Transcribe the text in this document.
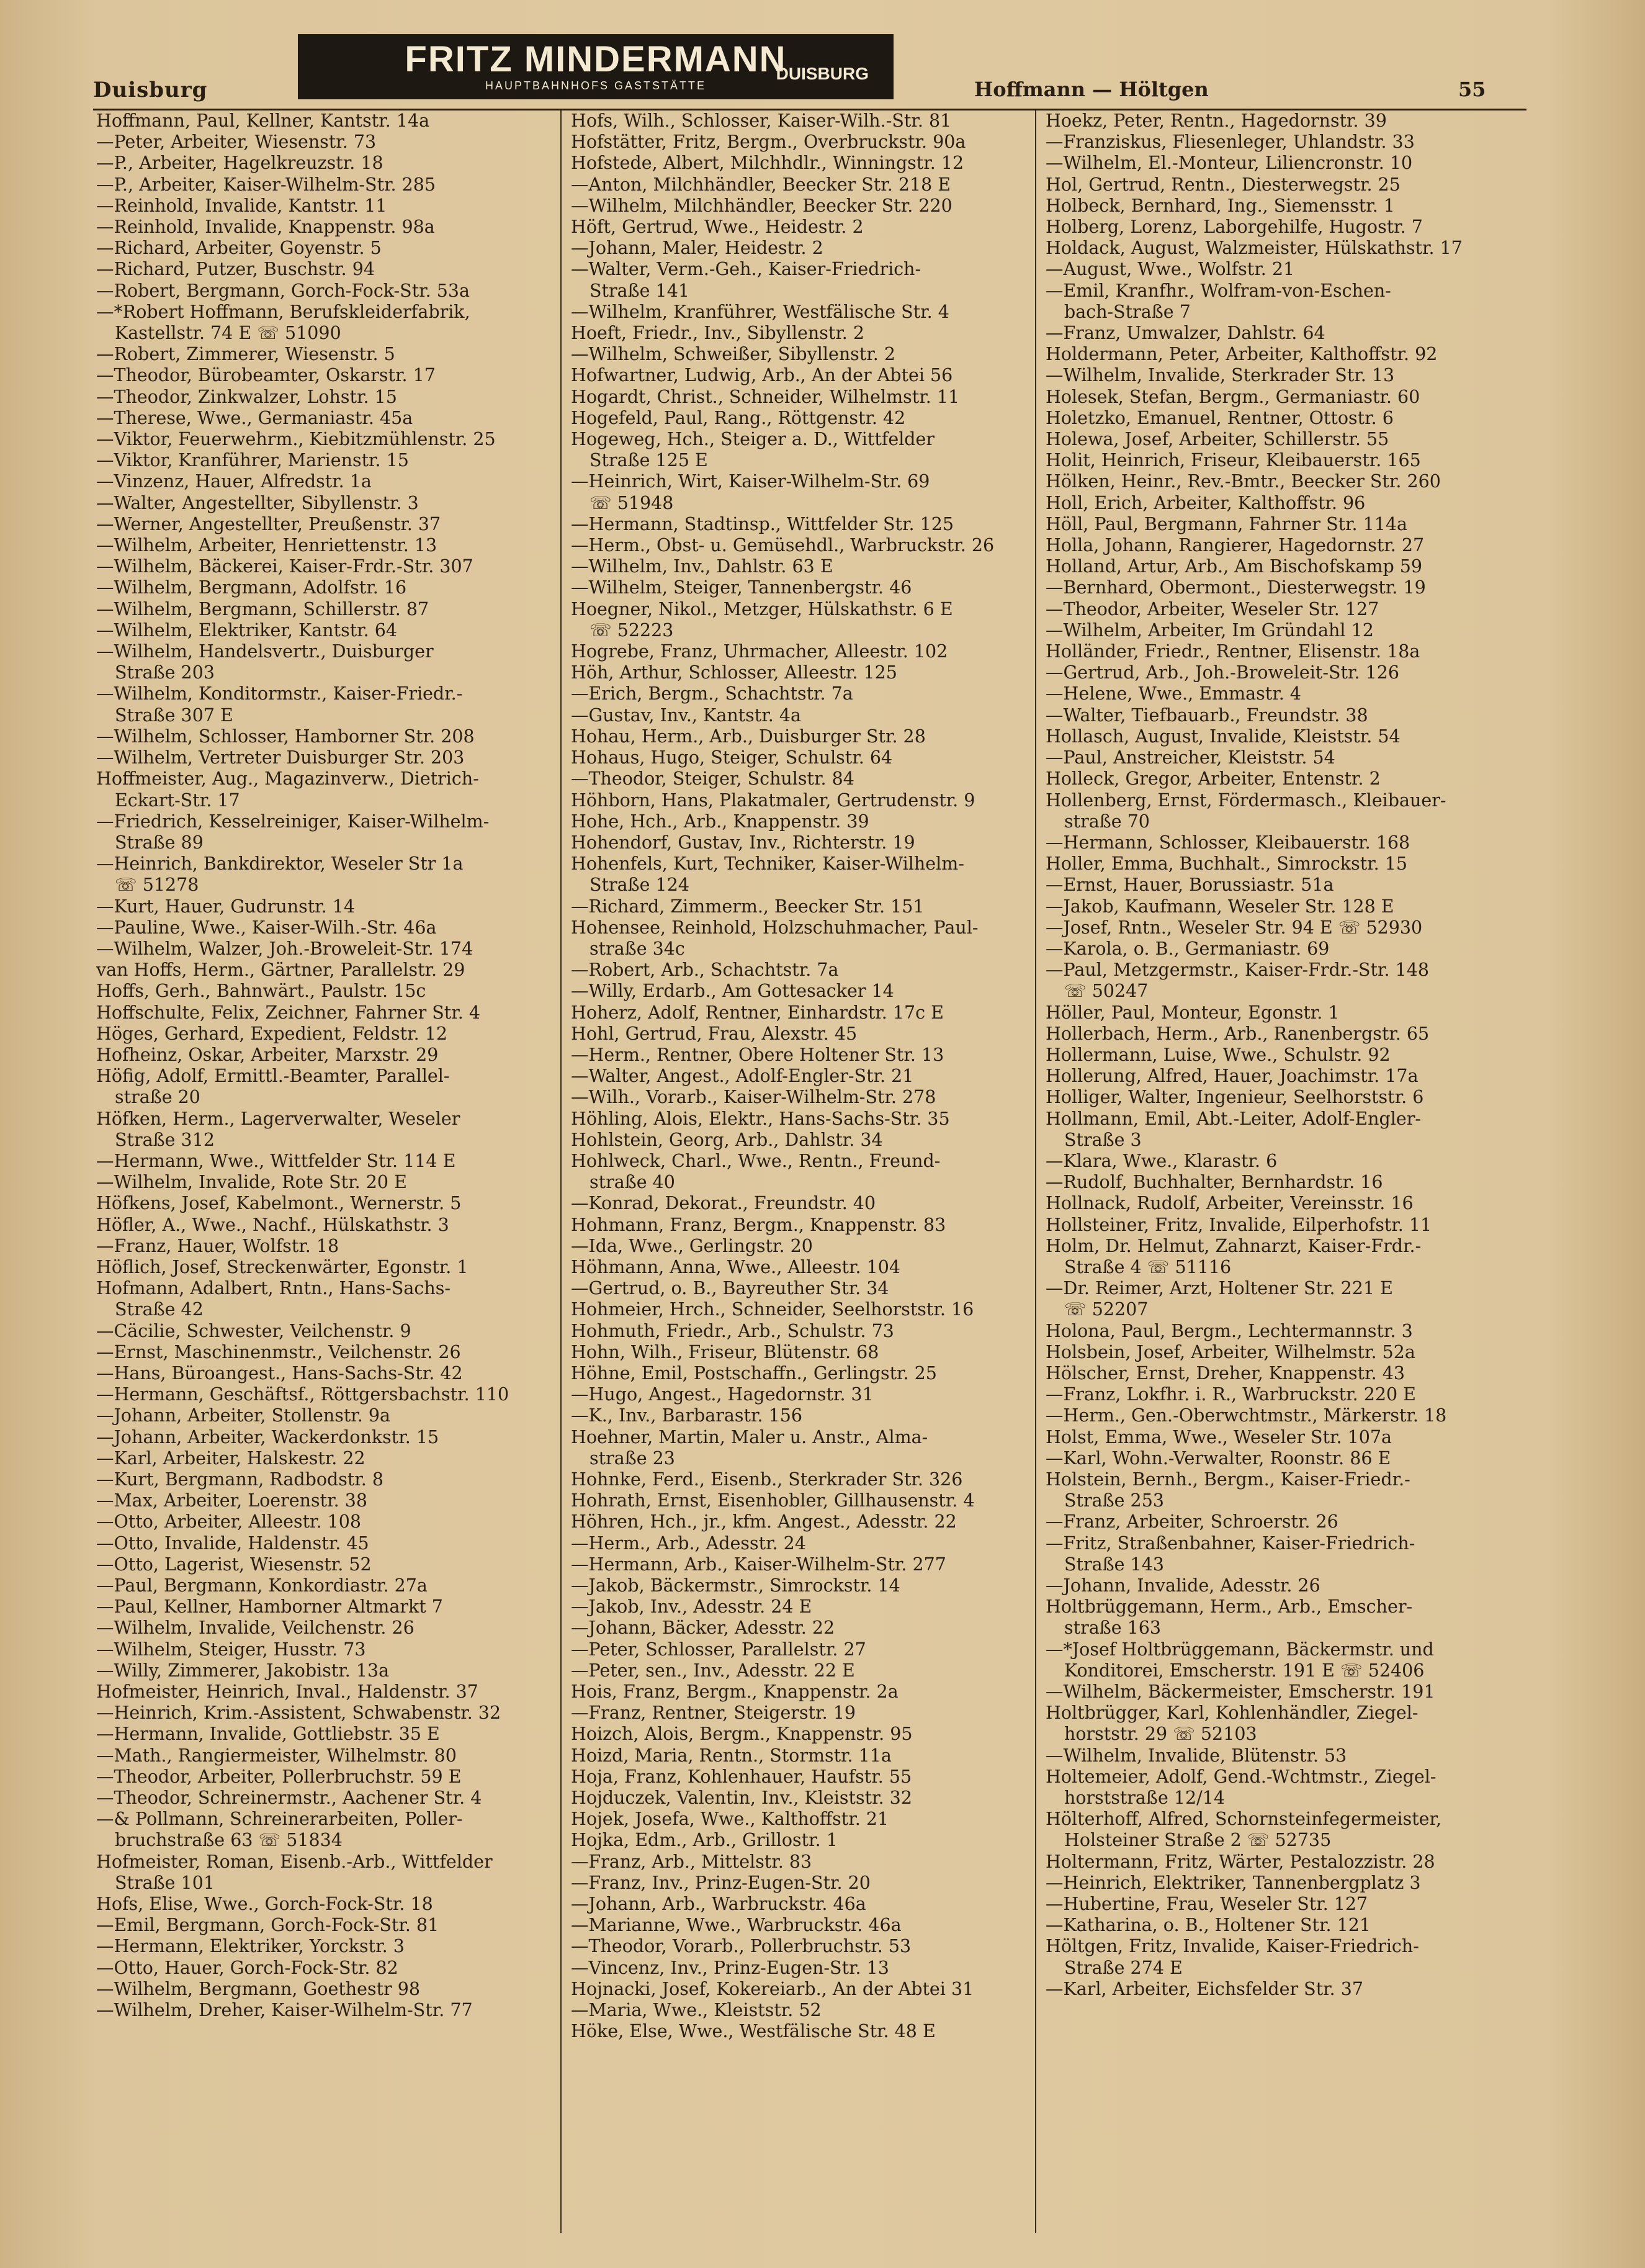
Duisburg
FRITZ MINDERMANN
HAUPTBAHNHOFS GASTSTÄTTE
DUISBURG
Hoffmann — Höltgen	55
Hoffmann, Paul, Kellner, Kantstr. 14a
—Peter, Arbeiter, Wiesenstr. 73
—P., Arbeiter, Hagelkreuzstr. 18
—P., Arbeiter, Kaiser-Wilhelm-Str. 285
—Reinhold, Invalide, Kantstr. 11
—Reinhold, Invalide, Knappenstr. 98a
—Richard, Arbeiter, Goyenstr. 5
—Richard, Putzer, Buschstr. 94
—Robert, Bergmann, Gorch-Fock-Str. 53a
—*Robert Hoffmann, Berufskleiderfabrik,
Kastellstr. 74 E ☏ 51090
—Robert, Zimmerer, Wiesenstr. 5
—Theodor, Bürobeamter, Oskarstr. 17
—Theodor, Zinkwalzer, Lohstr. 15
—Therese, Wwe., Germaniastr. 45a
—Viktor, Feuerwehrm., Kiebitzmühlenstr. 25
—Viktor, Kranführer, Marienstr. 15
—Vinzenz, Hauer, Alfredstr. 1a
—Walter, Angestellter, Sibyllenstr. 3
—Werner, Angestellter, Preußenstr. 37
—Wilhelm, Arbeiter, Henriettenstr. 13
—Wilhelm, Bäckerei, Kaiser-Frdr.-Str. 307
—Wilhelm, Bergmann, Adolfstr. 16
—Wilhelm, Bergmann, Schillerstr. 87
—Wilhelm, Elektriker, Kantstr. 64
—Wilhelm, Handelsvertr., Duisburger
Straße 203
—Wilhelm, Konditormstr., Kaiser-Friedr.-
Straße 307 E
—Wilhelm, Schlosser, Hamborner Str. 208
—Wilhelm, Vertreter Duisburger Str. 203
Hoffmeister, Aug., Magazinverw., Dietrich-
Eckart-Str. 17
—Friedrich, Kesselreiniger, Kaiser-Wilhelm-
Straße 89
—Heinrich, Bankdirektor, Weseler Str 1a
☏ 51278
—Kurt, Hauer, Gudrunstr. 14
—Pauline, Wwe., Kaiser-Wilh.-Str. 46a
—Wilhelm, Walzer, Joh.-Broweleit-Str. 174
van Hoffs, Herm., Gärtner, Parallelstr. 29
Hoffs, Gerh., Bahnwärt., Paulstr. 15c
Hoffschulte, Felix, Zeichner, Fahrner Str. 4
Höges, Gerhard, Expedient, Feldstr. 12
Hofheinz, Oskar, Arbeiter, Marxstr. 29
Höfig, Adolf, Ermittl.-Beamter, Parallel-
straße 20
Höfken, Herm., Lagerverwalter, Weseler
Straße 312
—Hermann, Wwe., Wittfelder Str. 114 E
—Wilhelm, Invalide, Rote Str. 20 E
Höfkens, Josef, Kabelmont., Wernerstr. 5
Höfler, A., Wwe., Nachf., Hülskathstr. 3
—Franz, Hauer, Wolfstr. 18
Höflich, Josef, Streckenwärter, Egonstr. 1
Hofmann, Adalbert, Rntn., Hans-Sachs-
Straße 42
—Cäcilie, Schwester, Veilchenstr. 9
—Ernst, Maschinenmstr., Veilchenstr. 26
—Hans, Büroangest., Hans-Sachs-Str. 42
—Hermann, Geschäftsf., Röttgersbachstr. 110
—Johann, Arbeiter, Stollenstr. 9a
—Johann, Arbeiter, Wackerdonkstr. 15
—Karl, Arbeiter, Halskestr. 22
—Kurt, Bergmann, Radbodstr. 8
—Max, Arbeiter, Loerenstr. 38
—Otto, Arbeiter, Alleestr. 108
—Otto, Invalide, Haldenstr. 45
—Otto, Lagerist, Wiesenstr. 52
—Paul, Bergmann, Konkordiastr. 27a
—Paul, Kellner, Hamborner Altmarkt 7
—Wilhelm, Invalide, Veilchenstr. 26
—Wilhelm, Steiger, Husstr. 73
—Willy, Zimmerer, Jakobistr. 13a
Hofmeister, Heinrich, Inval., Haldenstr. 37
—Heinrich, Krim.-Assistent, Schwabenstr. 32
—Hermann, Invalide, Gottliebstr. 35 E
—Math., Rangiermeister, Wilhelmstr. 80
—Theodor, Arbeiter, Pollerbruchstr. 59 E
—Theodor, Schreinermstr., Aachener Str. 4
—& Pollmann, Schreinerarbeiten, Poller-
bruchstraße 63 ☏ 51834
Hofmeister, Roman, Eisenb.-Arb., Wittfelder
Straße 101
Hofs, Elise, Wwe., Gorch-Fock-Str. 18
—Emil, Bergmann, Gorch-Fock-Str. 81
—Hermann, Elektriker, Yorckstr. 3
—Otto, Hauer, Gorch-Fock-Str. 82
—Wilhelm, Bergmann, Goethestr 98
—Wilhelm, Dreher, Kaiser-Wilhelm-Str. 77
Hofs, Wilh., Schlosser, Kaiser-Wilh.-Str. 81
Hofstätter, Fritz, Bergm., Overbruckstr. 90a
Hofstede, Albert, Milchhdlr., Winningstr. 12
—Anton, Milchhändler, Beecker Str. 218 E
—Wilhelm, Milchhändler, Beecker Str. 220
Höft, Gertrud, Wwe., Heidestr. 2
—Johann, Maler, Heidestr. 2
—Walter, Verm.-Geh., Kaiser-Friedrich-
Straße 141
—Wilhelm, Kranführer, Westfälische Str. 4
Hoeft, Friedr., Inv., Sibyllenstr. 2
—Wilhelm, Schweißer, Sibyllenstr. 2
Hofwartner, Ludwig, Arb., An der Abtei 56
Hogardt, Christ., Schneider, Wilhelmstr. 11
Hogefeld, Paul, Rang., Röttgenstr. 42
Hogeweg, Hch., Steiger a. D., Wittfelder
Straße 125 E
—Heinrich, Wirt, Kaiser-Wilhelm-Str. 69
☏ 51948
—Hermann, Stadtinsp., Wittfelder Str. 125
—Herm., Obst- u. Gemüsehdl., Warbruckstr. 26
—Wilhelm, Inv., Dahlstr. 63 E
—Wilhelm, Steiger, Tannenbergstr. 46
Hoegner, Nikol., Metzger, Hülskathstr. 6 E
☏ 52223
Hogrebe, Franz, Uhrmacher, Alleestr. 102
Höh, Arthur, Schlosser, Alleestr. 125
—Erich, Bergm., Schachtstr. 7a
—Gustav, Inv., Kantstr. 4a
Hohau, Herm., Arb., Duisburger Str. 28
Hohaus, Hugo, Steiger, Schulstr. 64
—Theodor, Steiger, Schulstr. 84
Höhborn, Hans, Plakatmaler, Gertrudenstr. 9
Hohe, Hch., Arb., Knappenstr. 39
Hohendorf, Gustav, Inv., Richterstr. 19
Hohenfels, Kurt, Techniker, Kaiser-Wilhelm-
Straße 124
—Richard, Zimmerm., Beecker Str. 151
Hohensee, Reinhold, Holzschuhmacher, Paul-
straße 34c
—Robert, Arb., Schachtstr. 7a
—Willy, Erdarb., Am Gottesacker 14
Hoherz, Adolf, Rentner, Einhardstr. 17c E
Hohl, Gertrud, Frau, Alexstr. 45
—Herm., Rentner, Obere Holtener Str. 13
—Walter, Angest., Adolf-Engler-Str. 21
—Wilh., Vorarb., Kaiser-Wilhelm-Str. 278
Höhling, Alois, Elektr., Hans-Sachs-Str. 35
Hohlstein, Georg, Arb., Dahlstr. 34
Hohlweck, Charl., Wwe., Rentn., Freund-
straße 40
—Konrad, Dekorat., Freundstr. 40
Hohmann, Franz, Bergm., Knappenstr. 83
—Ida, Wwe., Gerlingstr. 20
Höhmann, Anna, Wwe., Alleestr. 104
—Gertrud, o. B., Bayreuther Str. 34
Hohmeier, Hrch., Schneider, Seelhorststr. 16
Hohmuth, Friedr., Arb., Schulstr. 73
Hohn, Wilh., Friseur, Blütenstr. 68
Höhne, Emil, Postschaffn., Gerlingstr. 25
—Hugo, Angest., Hagedornstr. 31
—K., Inv., Barbarastr. 156
Hoehner, Martin, Maler u. Anstr., Alma-
straße 23
Hohnke, Ferd., Eisenb., Sterkrader Str. 326
Hohrath, Ernst, Eisenhobler, Gillhausenstr. 4
Höhren, Hch., jr., kfm. Angest., Adesstr. 22
—Herm., Arb., Adesstr. 24
—Hermann, Arb., Kaiser-Wilhelm-Str. 277
—Jakob, Bäckermstr., Simrockstr. 14
—Jakob, Inv., Adesstr. 24 E
—Johann, Bäcker, Adesstr. 22
—Peter, Schlosser, Parallelstr. 27
—Peter, sen., Inv., Adesstr. 22 E
Hois, Franz, Bergm., Knappenstr. 2a
—Franz, Rentner, Steigerstr. 19
Hoizch, Alois, Bergm., Knappenstr. 95
Hoizd, Maria, Rentn., Stormstr. 11a
Hoja, Franz, Kohlenhauer, Haufstr. 55
Hojduczek, Valentin, Inv., Kleiststr. 32
Hojek, Josefa, Wwe., Kalthoffstr. 21
Hojka, Edm., Arb., Grillostr. 1
—Franz, Arb., Mittelstr. 83
—Franz, Inv., Prinz-Eugen-Str. 20
—Johann, Arb., Warbruckstr. 46a
—Marianne, Wwe., Warbruckstr. 46a
—Theodor, Vorarb., Pollerbruchstr. 53
—Vincenz, Inv., Prinz-Eugen-Str. 13
Hojnacki, Josef, Kokereiarb., An der Abtei 31
—Maria, Wwe., Kleiststr. 52
Höke, Else, Wwe., Westfälische Str. 48 E
Hoekz, Peter, Rentn., Hagedornstr. 39
—Franziskus, Fliesenleger, Uhlandstr. 33
—Wilhelm, El.-Monteur, Liliencronstr. 10
Hol, Gertrud, Rentn., Diesterwegstr. 25
Holbeck, Bernhard, Ing., Siemensstr. 1
Holberg, Lorenz, Laborgehilfe, Hugostr. 7
Holdack, August, Walzmeister, Hülskathstr. 17
—August, Wwe., Wolfstr. 21
—Emil, Kranfhr., Wolfram-von-Eschen-
bach-Straße 7
—Franz, Umwalzer, Dahlstr. 64
Holdermann, Peter, Arbeiter, Kalthoffstr. 92
—Wilhelm, Invalide, Sterkrader Str. 13
Holesek, Stefan, Bergm., Germaniastr. 60
Holetzko, Emanuel, Rentner, Ottostr. 6
Holewa, Josef, Arbeiter, Schillerstr. 55
Holit, Heinrich, Friseur, Kleibauerstr. 165
Hölken, Heinr., Rev.-Bmtr., Beecker Str. 260
Holl, Erich, Arbeiter, Kalthoffstr. 96
Höll, Paul, Bergmann, Fahrner Str. 114a
Holla, Johann, Rangierer, Hagedornstr. 27
Holland, Artur, Arb., Am Bischofskamp 59
—Bernhard, Obermont., Diesterwegstr. 19
—Theodor, Arbeiter, Weseler Str. 127
—Wilhelm, Arbeiter, Im Gründahl 12
Holländer, Friedr., Rentner, Elisenstr. 18a
—Gertrud, Arb., Joh.-Broweleit-Str. 126
—Helene, Wwe., Emmastr. 4
—Walter, Tiefbauarb., Freundstr. 38
Hollasch, August, Invalide, Kleiststr. 54
—Paul, Anstreicher, Kleiststr. 54
Holleck, Gregor, Arbeiter, Entenstr. 2
Hollenberg, Ernst, Fördermasch., Kleibauer-
straße 70
—Hermann, Schlosser, Kleibauerstr. 168
Holler, Emma, Buchhalt., Simrockstr. 15
—Ernst, Hauer, Borussiastr. 51a
—Jakob, Kaufmann, Weseler Str. 128 E
—Josef, Rntn., Weseler Str. 94 E ☏ 52930
—Karola, o. B., Germaniastr. 69
—Paul, Metzgermstr., Kaiser-Frdr.-Str. 148
☏ 50247
Höller, Paul, Monteur, Egonstr. 1
Hollerbach, Herm., Arb., Ranenbergstr. 65
Hollermann, Luise, Wwe., Schulstr. 92
Hollerung, Alfred, Hauer, Joachimstr. 17a
Holliger, Walter, Ingenieur, Seelhorststr. 6
Hollmann, Emil, Abt.-Leiter, Adolf-Engler-
Straße 3
—Klara, Wwe., Klarastr. 6
—Rudolf, Buchhalter, Bernhardstr. 16
Hollnack, Rudolf, Arbeiter, Vereinsstr. 16
Hollsteiner, Fritz, Invalide, Eilperhofstr. 11
Holm, Dr. Helmut, Zahnarzt, Kaiser-Frdr.-
Straße 4 ☏ 51116
—Dr. Reimer, Arzt, Holtener Str. 221 E
☏ 52207
Holona, Paul, Bergm., Lechtermannstr. 3
Holsbein, Josef, Arbeiter, Wilhelmstr. 52a
Hölscher, Ernst, Dreher, Knappenstr. 43
—Franz, Lokfhr. i. R., Warbruckstr. 220 E
—Herm., Gen.-Oberwchtmstr., Märkerstr. 18
Holst, Emma, Wwe., Weseler Str. 107a
—Karl, Wohn.-Verwalter, Roonstr. 86 E
Holstein, Bernh., Bergm., Kaiser-Friedr.-
Straße 253
—Franz, Arbeiter, Schroerstr. 26
—Fritz, Straßenbahner, Kaiser-Friedrich-
Straße 143
—Johann, Invalide, Adesstr. 26
Holtbrüggemann, Herm., Arb., Emscher-
straße 163
—*Josef Holtbrüggemann, Bäckermstr. und
Konditorei, Emscherstr. 191 E ☏ 52406
—Wilhelm, Bäckermeister, Emscherstr. 191
Holtbrügger, Karl, Kohlenhändler, Ziegel-
horststr. 29 ☏ 52103
—Wilhelm, Invalide, Blütenstr. 53
Holtemeier, Adolf, Gend.-Wchtmstr., Ziegel-
horststraße 12/14
Hölterhoff, Alfred, Schornsteinfegermeister,
Holsteiner Straße 2 ☏ 52735
Holtermann, Fritz, Wärter, Pestalozzistr. 28
—Heinrich, Elektriker, Tannenbergplatz 3
—Hubertine, Frau, Weseler Str. 127
—Katharina, o. B., Holtener Str. 121
Höltgen, Fritz, Invalide, Kaiser-Friedrich-
Straße 274 E
—Karl, Arbeiter, Eichsfelder Str. 37
